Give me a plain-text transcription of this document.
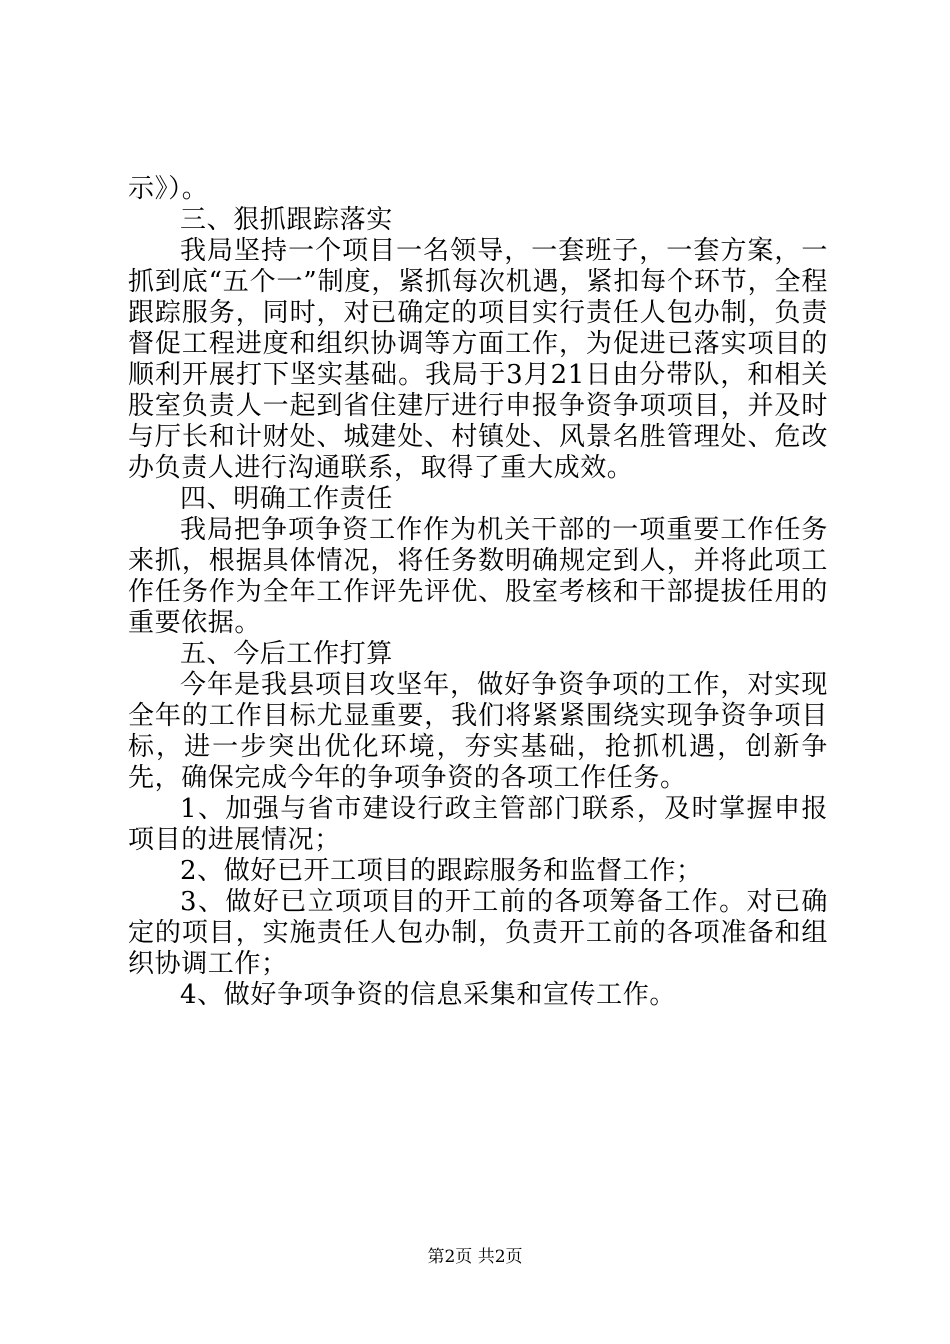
示》）。

三、狠抓跟踪落实

我局坚持一个项目一名领导，一套班子，一套方案，一抓到底“五个一”制度，紧抓每次机遇，紧扣每个环节，全程跟踪服务，同时，对已确定的项目实行责任人包办制，负责督促工程进度和组织协调等方面工作，为促进已落实项目的顺利开展打下坚实基础。我局于3月21日由分带队，和相关股室负责人一起到省住建厅进行申报争资争项项目，并及时与厅长和计财处、城建处、村镇处、风景名胜管理处、危改办负责人进行沟通联系，取得了重大成效。

四、明确工作责任

我局把争项争资工作作为机关干部的一项重要工作任务来抓，根据具体情况，将任务数明确规定到人，并将此项工作任务作为全年工作评先评优、股室考核和干部提拔任用的重要依据。

五、今后工作打算

今年是我县项目攻坚年，做好争资争项的工作，对实现全年的工作目标尤显重要，我们将紧紧围绕实现争资争项目标，进一步突出优化环境，夯实基础，抢抓机遇，创新争先，确保完成今年的争项争资的各项工作任务。

1、加强与省市建设行政主管部门联系，及时掌握申报项目的进展情况；

2、做好已开工项目的跟踪服务和监督工作；

3、做好已立项项目的开工前的各项筹备工作。对已确定的项目，实施责任人包办制，负责开工前的各项准备和组织协调工作；

4、做好争项争资的信息采集和宣传工作。

第2页 共2页
